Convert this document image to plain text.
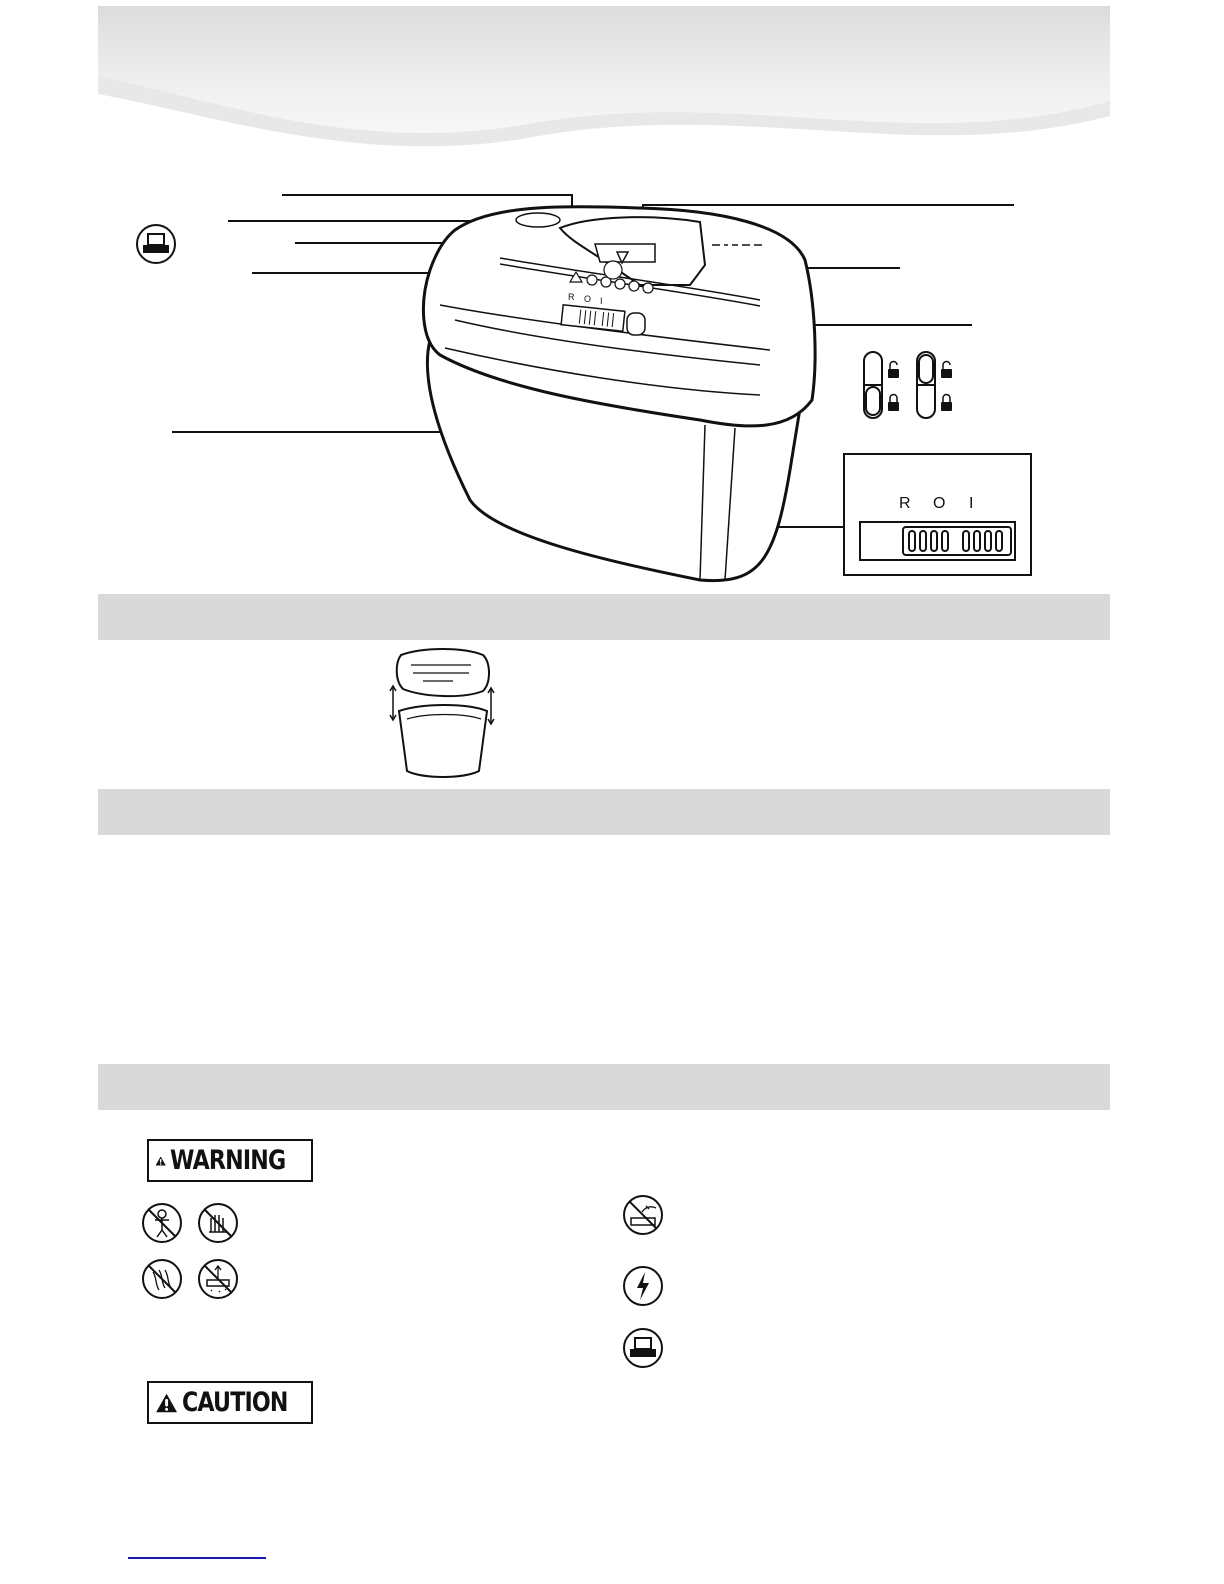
R O I
R O I
WARNING
CAUTION
